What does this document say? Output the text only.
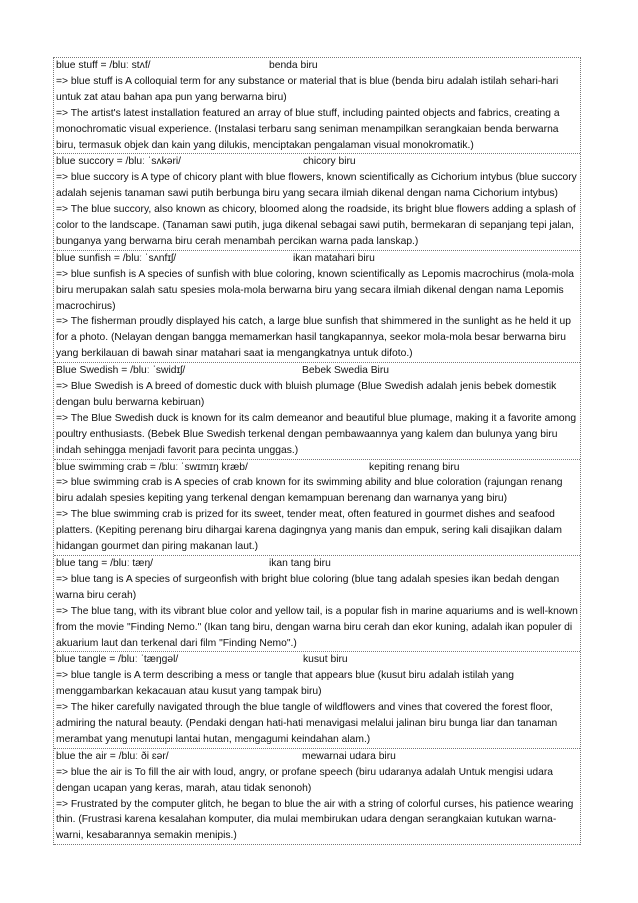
blue stuff = /bluː stʌf/	benda biru
=> blue stuff is A colloquial term for any substance or material that is blue (benda biru adalah istilah sehari-hari untuk zat atau bahan apa pun yang berwarna biru)
=> The artist's latest installation featured an array of blue stuff, including painted objects and fabrics, creating a monochromatic visual experience. (Instalasi terbaru sang seniman menampilkan serangkaian benda berwarna biru, termasuk objek dan kain yang dilukis, menciptakan pengalaman visual monokromatik.)
blue succory = /bluː ˈsʌkəri/	chicory biru
=> blue succory is A type of chicory plant with blue flowers, known scientifically as Cichorium intybus (blue succory adalah sejenis tanaman sawi putih berbunga biru yang secara ilmiah dikenal dengan nama Cichorium intybus)
=> The blue succory, also known as chicory, bloomed along the roadside, its bright blue flowers adding a splash of color to the landscape. (Tanaman sawi putih, juga dikenal sebagai sawi putih, bermekaran di sepanjang tepi jalan, bunganya yang berwarna biru cerah menambah percikan warna pada lanskap.)
blue sunfish = /bluː ˈsʌnfɪʃ/	ikan matahari biru
=> blue sunfish is A species of sunfish with blue coloring, known scientifically as Lepomis macrochirus (mola-mola biru merupakan salah satu spesies mola-mola berwarna biru yang secara ilmiah dikenal dengan nama Lepomis macrochirus)
=> The fisherman proudly displayed his catch, a large blue sunfish that shimmered in the sunlight as he held it up for a photo. (Nelayan dengan bangga memamerkan hasil tangkapannya, seekor mola-mola besar berwarna biru yang berkilauan di bawah sinar matahari saat ia mengangkatnya untuk difoto.)
Blue Swedish = /bluː ˈswidɪʃ/	Bebek Swedia Biru
=> Blue Swedish is A breed of domestic duck with bluish plumage (Blue Swedish adalah jenis bebek domestik dengan bulu berwarna kebiruan)
=> The Blue Swedish duck is known for its calm demeanor and beautiful blue plumage, making it a favorite among poultry enthusiasts. (Bebek Blue Swedish terkenal dengan pembawaannya yang kalem dan bulunya yang biru indah sehingga menjadi favorit para pecinta unggas.)
blue swimming crab = /bluː ˈswɪmɪŋ kræb/	kepiting renang biru
=> blue swimming crab is A species of crab known for its swimming ability and blue coloration (rajungan renang biru adalah spesies kepiting yang terkenal dengan kemampuan berenang dan warnanya yang biru)
=> The blue swimming crab is prized for its sweet, tender meat, often featured in gourmet dishes and seafood platters. (Kepiting perenang biru dihargai karena dagingnya yang manis dan empuk, sering kali disajikan dalam hidangan gourmet dan piring makanan laut.)
blue tang = /bluː tæŋ/	ikan tang biru
=> blue tang is A species of surgeonfish with bright blue coloring (blue tang adalah spesies ikan bedah dengan warna biru cerah)
=> The blue tang, with its vibrant blue color and yellow tail, is a popular fish in marine aquariums and is well-known from the movie "Finding Nemo." (Ikan tang biru, dengan warna biru cerah dan ekor kuning, adalah ikan populer di akuarium laut dan terkenal dari film "Finding Nemo".)
blue tangle = /bluː ˈtæŋɡəl/	kusut biru
=> blue tangle is A term describing a mess or tangle that appears blue (kusut biru adalah istilah yang menggambarkan kekacauan atau kusut yang tampak biru)
=> The hiker carefully navigated through the blue tangle of wildflowers and vines that covered the forest floor, admiring the natural beauty. (Pendaki dengan hati-hati menavigasi melalui jalinan biru bunga liar dan tanaman merambat yang menutupi lantai hutan, mengagumi keindahan alam.)
blue the air = /bluː ði ɛər/	mewarnai udara biru
=> blue the air is To fill the air with loud, angry, or profane speech (biru udaranya adalah Untuk mengisi udara dengan ucapan yang keras, marah, atau tidak senonoh)
=> Frustrated by the computer glitch, he began to blue the air with a string of colorful curses, his patience wearing thin. (Frustrasi karena kesalahan komputer, dia mulai membirukan udara dengan serangkaian kutukan warna-warni, kesabarannya semakin menipis.)
